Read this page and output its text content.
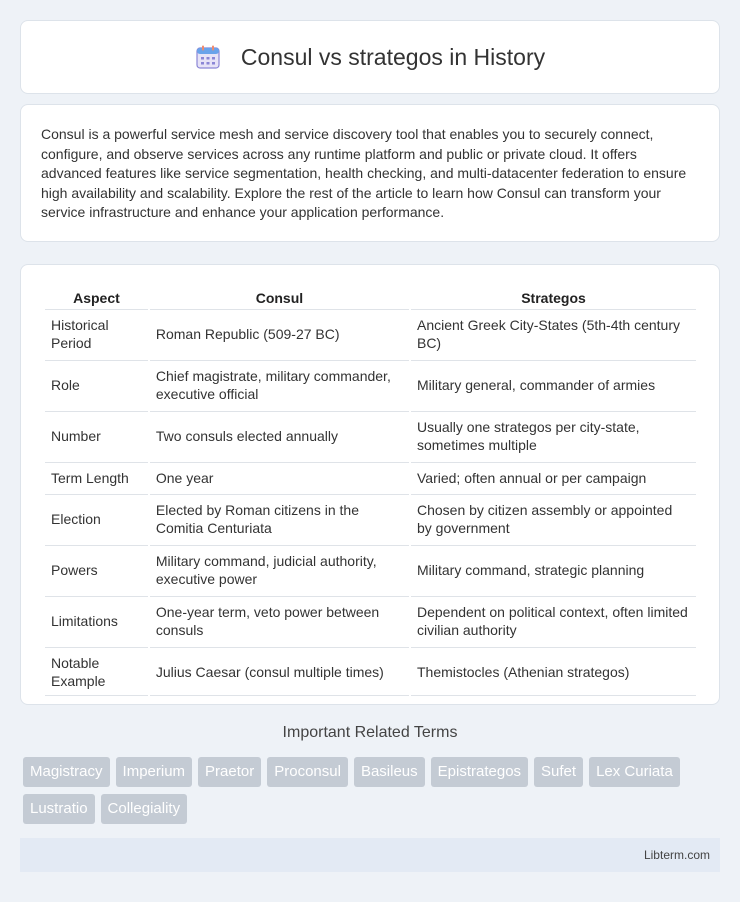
Consul vs strategos in History

Consul is a powerful service mesh and service discovery tool that enables you to securely connect, configure, and observe services across any runtime platform and public or private cloud. It offers advanced features like service segmentation, health checking, and multi-datacenter federation to ensure high availability and scalability. Explore the rest of the article to learn how Consul can transform your service infrastructure and enhance your application performance.

Aspect	Consul	Strategos
Historical Period	Roman Republic (509-27 BC)	Ancient Greek City-States (5th-4th century BC)
Role	Chief magistrate, military commander, executive official	Military general, commander of armies
Number	Two consuls elected annually	Usually one strategos per city-state, sometimes multiple
Term Length	One year	Varied; often annual or per campaign
Election	Elected by Roman citizens in the Comitia Centuriata	Chosen by citizen assembly or appointed by government
Powers	Military command, judicial authority, executive power	Military command, strategic planning
Limitations	One-year term, veto power between consuls	Dependent on political context, often limited civilian authority
Notable Example	Julius Caesar (consul multiple times)	Themistocles (Athenian strategos)
Important Related Terms
Magistracy	Imperium	Praetor	Proconsul	Basileus	Epistrategos	Sufet	Lex Curiata
Lustratio	Collegiality
Libterm.com
